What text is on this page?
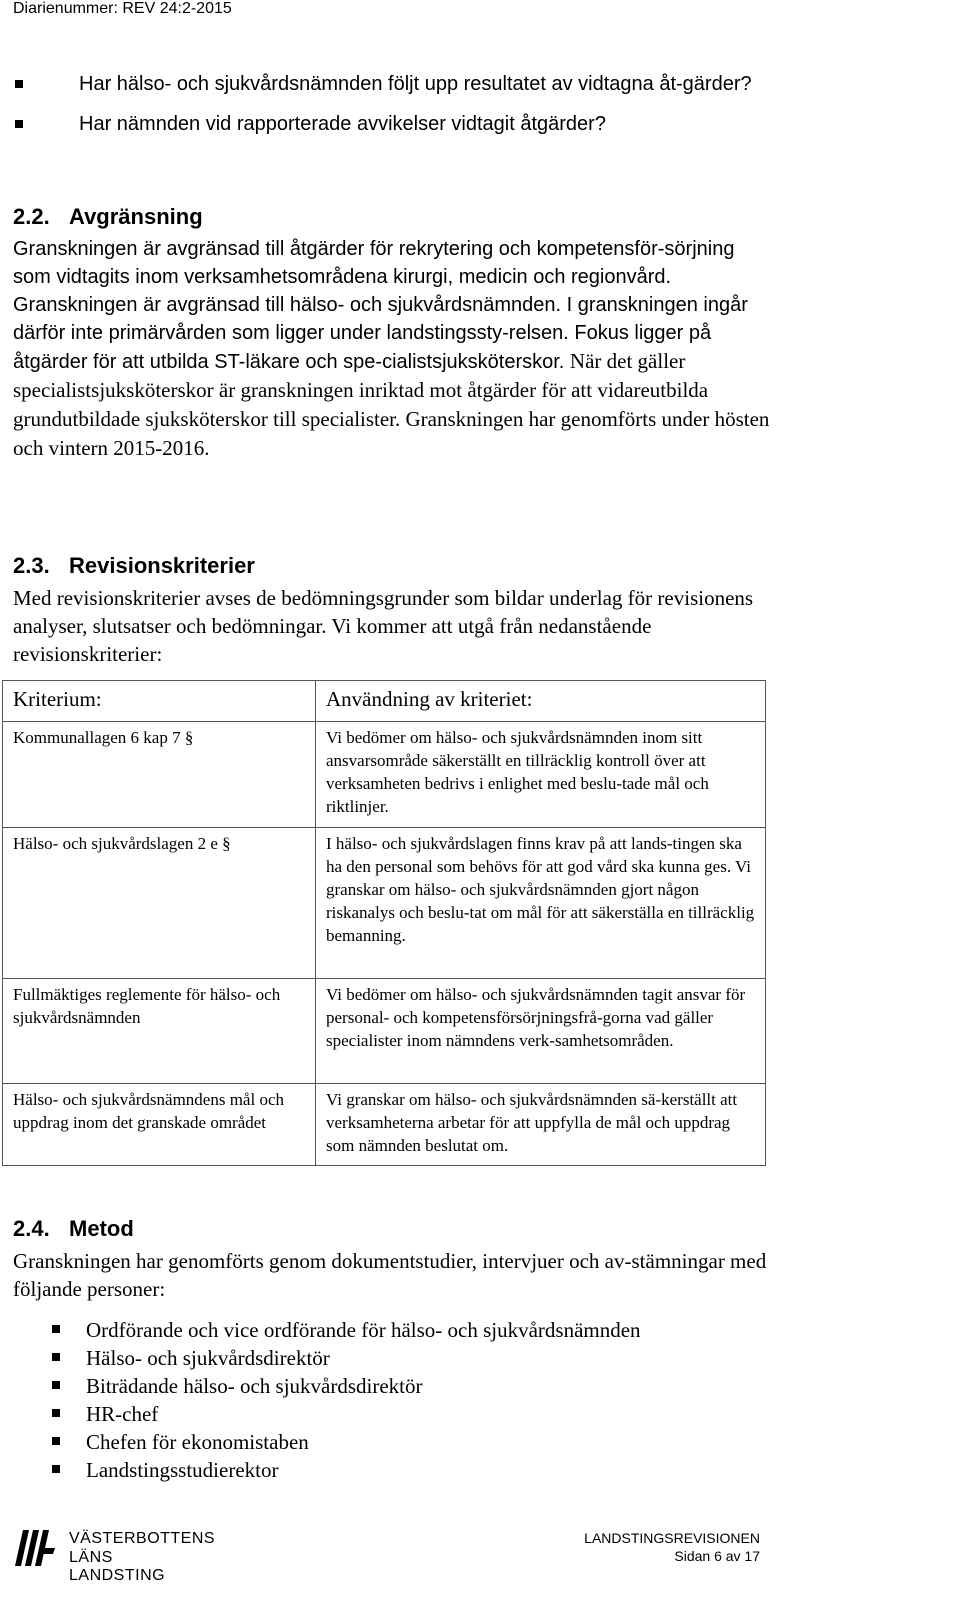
Diarienummer: REV 24:2-2015
Har hälso- och sjukvårdsnämnden följt upp resultatet av vidtagna åt-gärder?
Har nämnden vid rapporterade avvikelser vidtagit åtgärder?
2.2. Avgränsning

Granskningen är avgränsad till åtgärder för rekrytering och kompetensför-sörjning som vidtagits inom verksamhetsområdena kirurgi, medicin och regionvård. Granskningen är avgränsad till hälso- och sjukvårdsnämnden. I granskningen ingår därför inte primärvården som ligger under landstingssty-relsen. Fokus ligger på åtgärder för att utbilda ST-läkare och spe-cialistsjuksköterskor. När det gäller specialistsjuksköterskor är granskningen inriktad mot åtgärder för att vidareutbilda grundutbildade sjuksköterskor till specialister. Granskningen har genomförts under hösten och vintern 2015-2016.

2.3. Revisionskriterier

Med revisionskriterier avses de bedömningsgrunder som bildar underlag för revisionens analyser, slutsatser och bedömningar. Vi kommer att utgå från nedanstående revisionskriterier:

Kriterium:	Användning av kriteriet:
Kommunallagen 6 kap 7 §	Vi bedömer om hälso- och sjukvårdsnämnden inom sitt ansvarsområde säkerställt en tillräcklig kontroll över att verksamheten bedrivs i enlighet med beslu-tade mål och riktlinjer.
Hälso- och sjukvårdslagen 2 e §	I hälso- och sjukvårdslagen finns krav på att lands-tingen ska ha den personal som behövs för att god vård ska kunna ges. Vi granskar om hälso- och sjukvårdsnämnden gjort någon riskanalys och beslu-tat om mål för att säkerställa en tillräcklig bemanning.
Fullmäktiges reglemente för hälso- och sjukvårdsnämnden	Vi bedömer om hälso- och sjukvårdsnämnden tagit ansvar för personal- och kompetensförsörjningsfrå-gorna vad gäller specialister inom nämndens verk-samhetsområden.
Hälso- och sjukvårdsnämndens mål och uppdrag inom det granskade området	Vi granskar om hälso- och sjukvårdsnämnden sä-kerställt att verksamheterna arbetar för att uppfylla de mål och uppdrag som nämnden beslutat om.
2.4. Metod

Granskningen har genomförts genom dokumentstudier, intervjuer och av-stämningar med följande personer:

Ordförande och vice ordförande för hälso- och sjukvårdsnämnden
Hälso- och sjukvårdsdirektör
Biträdande hälso- och sjukvårdsdirektör
HR-chef
Chefen för ekonomistaben
Landstingsstudierektor
VÄSTERBOTTENS
LÄNS LANDSTING
LANDSTINGSREVISIONEN
Sidan 6 av 17
